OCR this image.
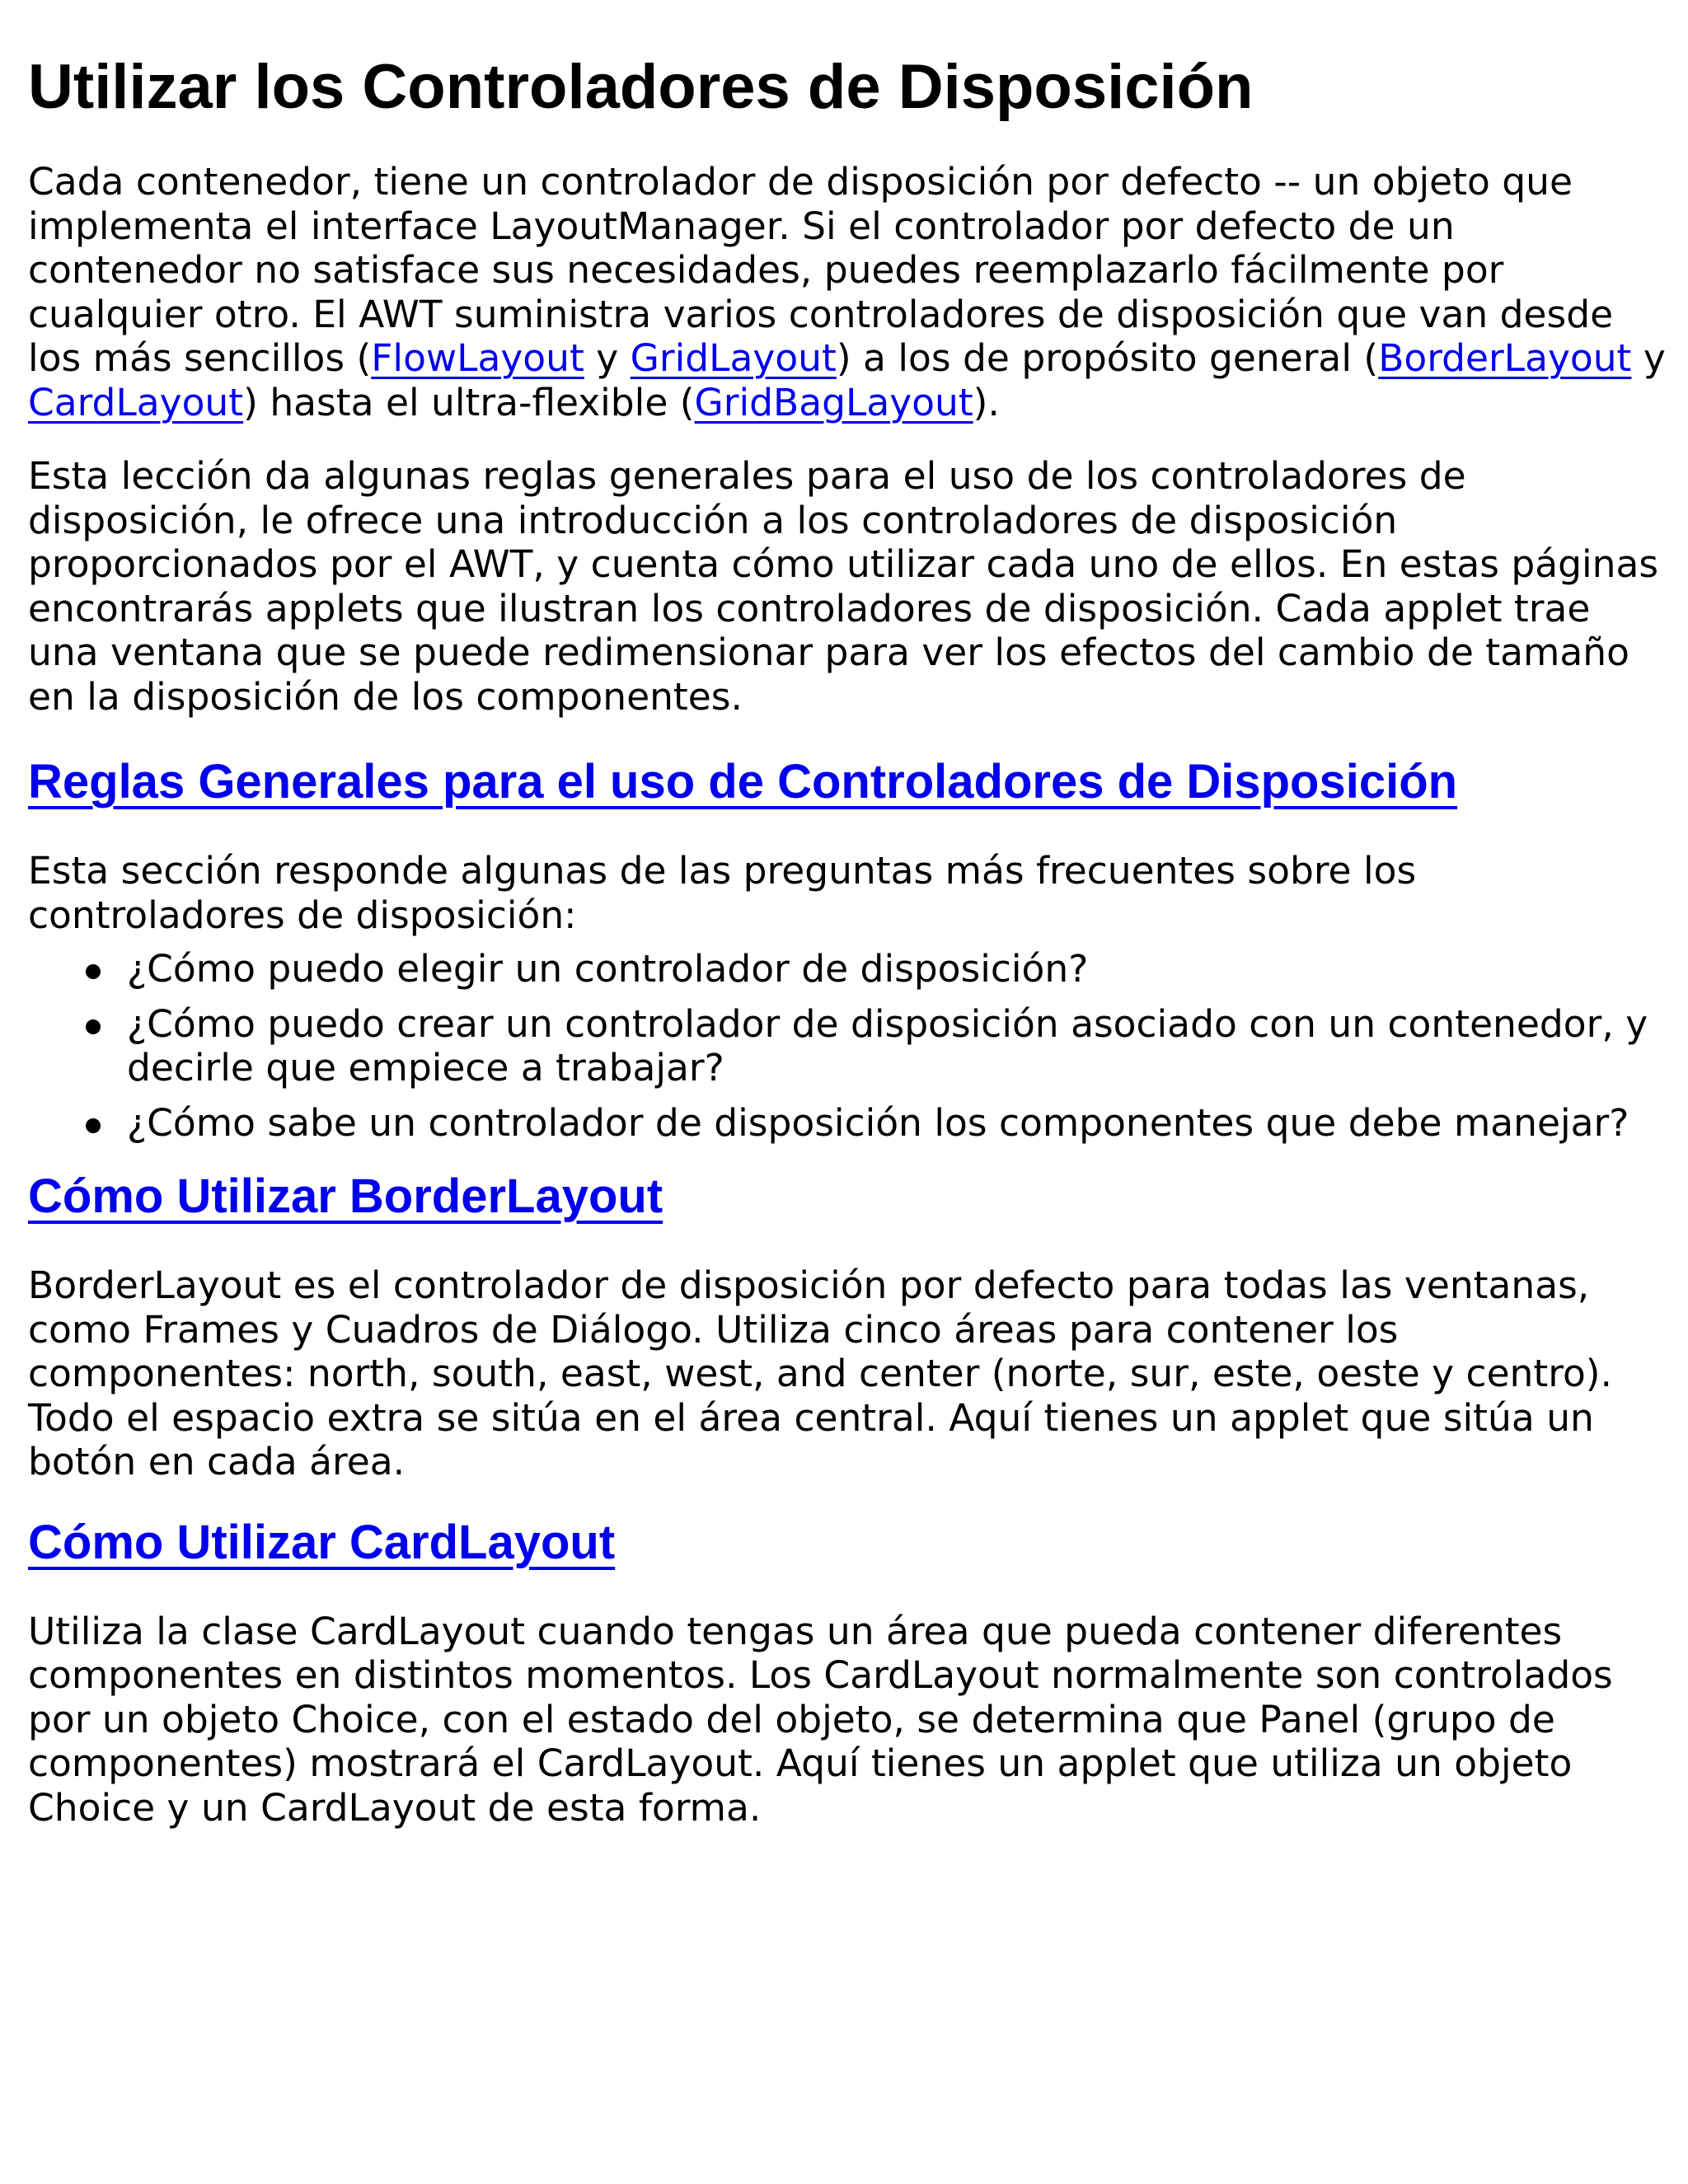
Utilizar los Controladores de Disposición

Cada contenedor, tiene un controlador de disposición por defecto -- un objeto que implementa el interface LayoutManager. Si el controlador por defecto de un contenedor no satisface sus necesidades, puedes reemplazarlo fácilmente por cualquier otro. El AWT suministra varios controladores de disposición que van desde los más sencillos (FlowLayout y GridLayout) a los de propósito general (BorderLayout y CardLayout) hasta el ultra-flexible (GridBagLayout).

Esta lección da algunas reglas generales para el uso de los controladores de disposición, le ofrece una introducción a los controladores de disposición proporcionados por el AWT, y cuenta cómo utilizar cada uno de ellos. En estas páginas encontrarás applets que ilustran los controladores de disposición. Cada applet trae una ventana que se puede redimensionar para ver los efectos del cambio de tamaño en la disposición de los componentes.

Reglas Generales para el uso de Controladores de Disposición

Esta sección responde algunas de las preguntas más frecuentes sobre los controladores de disposición:

¿Cómo puedo elegir un controlador de disposición?
¿Cómo puedo crear un controlador de disposición asociado con un contenedor, y decirle que empiece a trabajar?
¿Cómo sabe un controlador de disposición los componentes que debe manejar?
Cómo Utilizar BorderLayout

BorderLayout es el controlador de disposición por defecto para todas las ventanas, como Frames y Cuadros de Diálogo. Utiliza cinco áreas para contener los componentes: north, south, east, west, and center (norte, sur, este, oeste y centro). Todo el espacio extra se sitúa en el área central. Aquí tienes un applet que sitúa un botón en cada área.

Cómo Utilizar CardLayout

Utiliza la clase CardLayout cuando tengas un área que pueda contener diferentes componentes en distintos momentos. Los CardLayout normalmente son controlados por un objeto Choice, con el estado del objeto, se determina que Panel (grupo de componentes) mostrará el CardLayout. Aquí tienes un applet que utiliza un objeto Choice y un CardLayout de esta forma.
